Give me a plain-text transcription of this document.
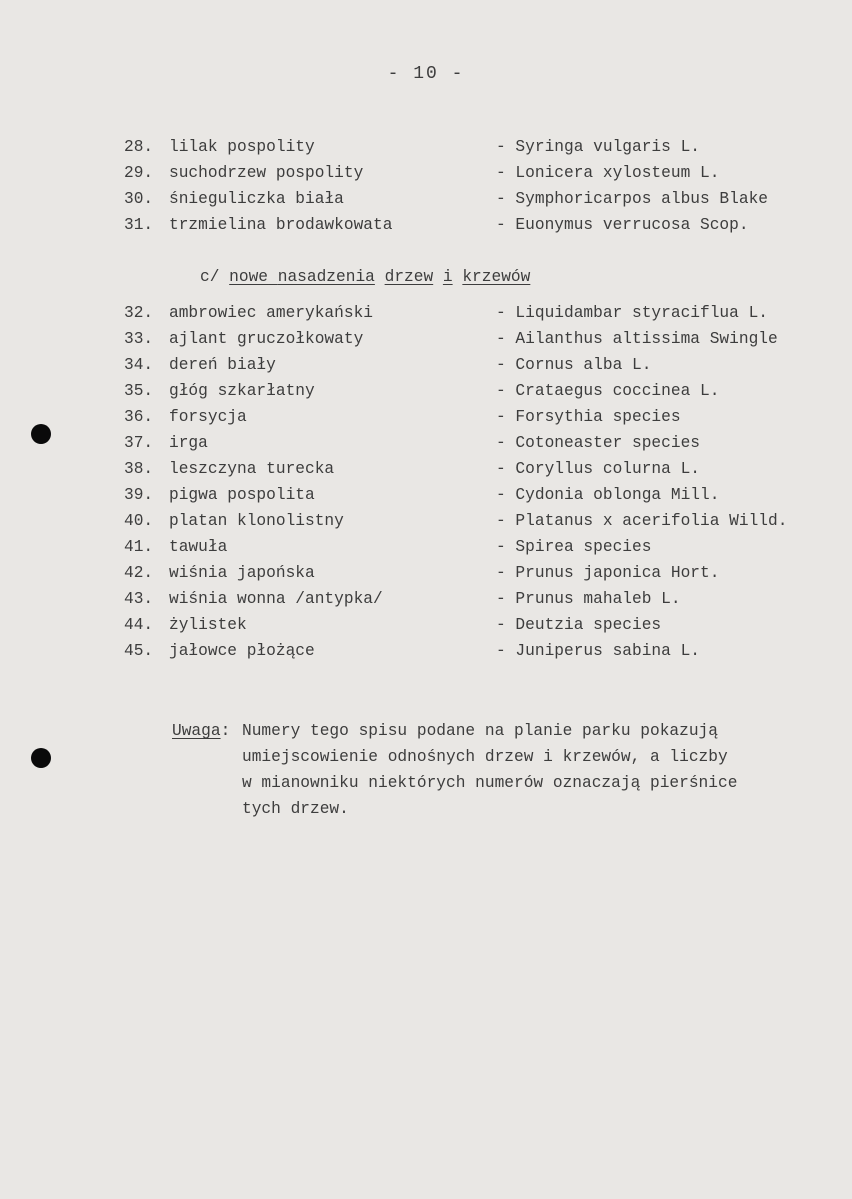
- 10 -
28. lilak pospolity	- Syringa vulgaris L.
29. suchodrzew pospolity	- Lonicera xylosteum L.
30. śnieguliczka biała	- Symphoricarpos albus Blake
31. trzmielina brodawkowata	- Euonymus verrucosa Scop.
c/ nowe nasadzenia drzew i krzewów
32. ambrowiec amerykański	- Liquidambar styraciflua L.
33. ajlant gruczołkowaty	- Ailanthus altissima Swingle
34. dereń biały	- Cornus alba L.
35. głóg szkarłatny	- Crataegus coccinea L.
36. forsycja	- Forsythia species
37. irga	- Cotoneaster species
38. leszczyna turecka	- Coryllus colurna L.
39. pigwa pospolita	- Cydonia oblonga Mill.
40. platan klonolistny	- Platanus x acerifolia Willd.
41. tawuła	- Spirea species
42. wiśnia japońska	- Prunus japonica Hort.
43. wiśnia wonna /antypka/	- Prunus mahaleb L.
44. żylistek	- Deutzia species
45. jałowce płożące	- Juniperus sabina L.
Uwaga: Numery tego spisu podane na planie parku pokazują
umiejscowienie odnośnych drzew i krzewów, a liczby
w mianowniku niektórych numerów oznaczają pierśnice
tych drzew.
